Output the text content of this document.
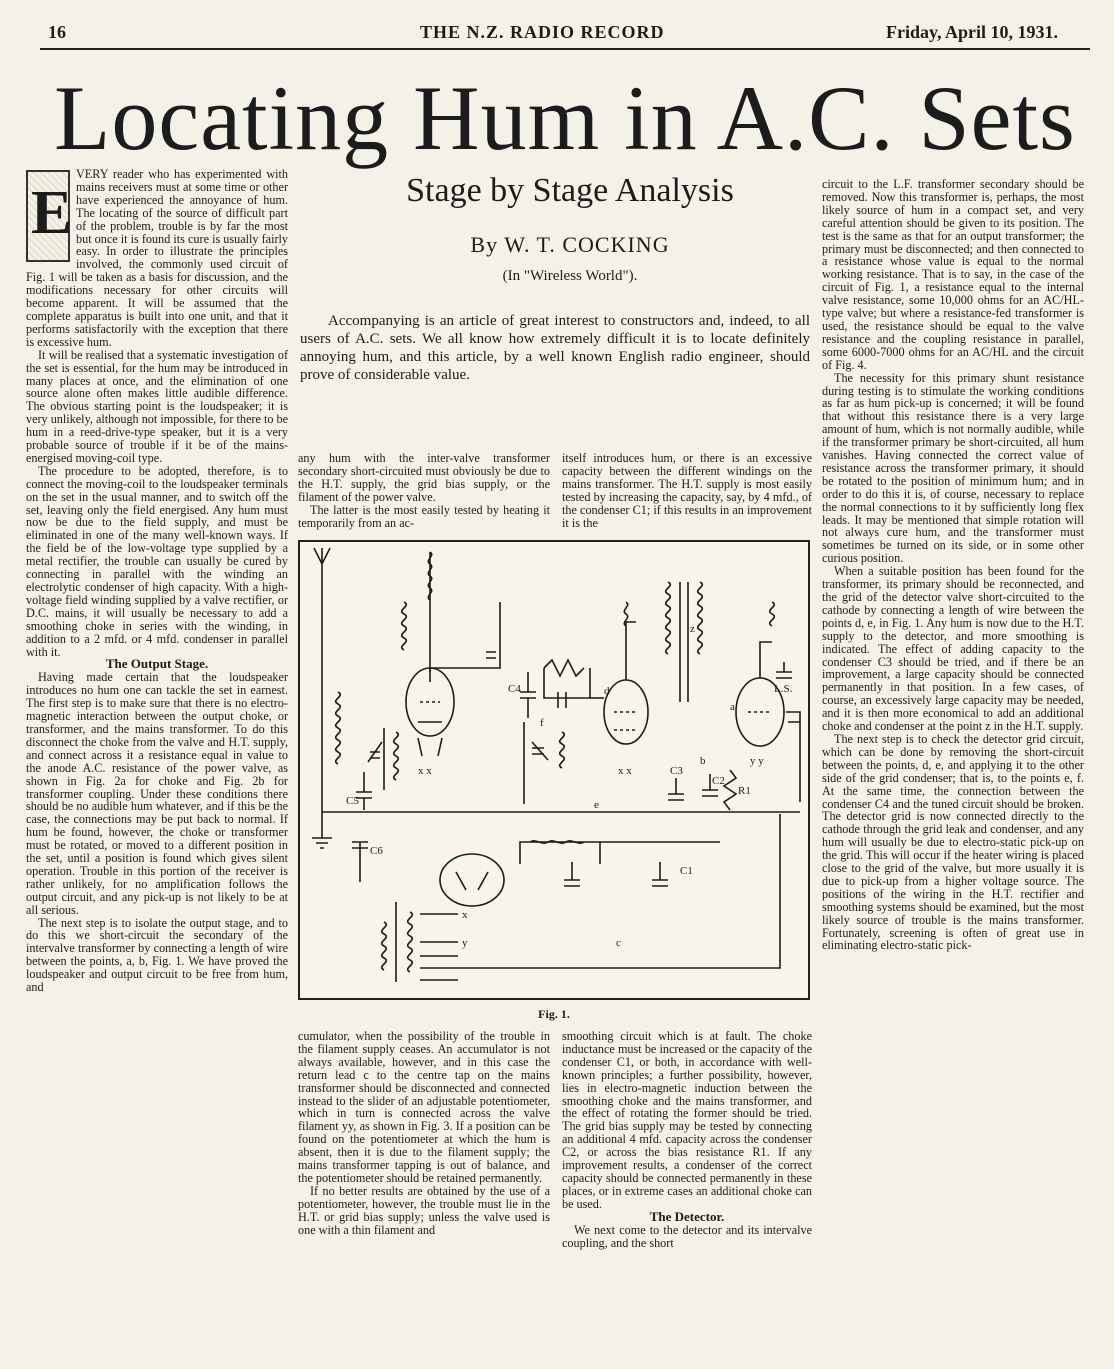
16	THE N.Z. RADIO RECORD	Friday, April 10, 1931.
Locating Hum in A.C. Sets
E

VERY reader who has experimented with mains receivers must at some time or other have experienced the annoyance of hum. The locating of the source of difficult part of the problem, trouble is by far the most but once it is found its cure is usually fairly easy. In order to illustrate the principles involved, the commonly used circuit of Fig. 1 will be taken as a basis for discussion, and the modifications necessary for other circuits will become apparent. It will be assumed that the complete apparatus is built into one unit, and that it performs satisfactorily with the exception that there is excessive hum.

It will be realised that a systematic investigation of the set is essential, for the hum may be introduced in many places at once, and the elimination of one source alone often makes little audible difference. The obvious starting point is the loudspeaker; it is very unlikely, although not impossible, for there to be hum in a reed-drive-type speaker, but it is a very probable source of trouble if it be of the mains-energised moving-coil type.

The procedure to be adopted, therefore, is to connect the moving-coil to the loudspeaker terminals on the set in the usual manner, and to switch off the set, leaving only the field energised. Any hum must now be due to the field supply, and must be eliminated in one of the many well-known ways. If the field be of the low-voltage type supplied by a metal rectifier, the trouble can usually be cured by connecting in parallel with the winding an electrolytic condenser of high capacity. With a high-voltage field winding supplied by a valve rectifier, or D.C. mains, it will usually be necessary to add a smoothing choke in series with the winding, in addition to a 2 mfd. or 4 mfd. condenser in parallel with it.

The Output Stage.

Having made certain that the loudspeaker introduces no hum one can tackle the set in earnest. The first step is to make sure that there is no electro-magnetic interaction between the output choke, or transformer, and the mains transformer. To do this disconnect the choke from the valve and H.T. supply, and connect across it a resistance equal in value to the anode A.C. resistance of the power valve, as shown in Fig. 2a for choke and Fig. 2b for transformer coupling. Under these conditions there should be no audible hum whatever, and if this be the case, the connections may be put back to normal. If hum be found, however, the choke or transformer must be rotated, or moved to a different position in the set, until a position is found which gives silent operation. Trouble in this portion of the receiver is rather unlikely, for no amplification follows the output circuit, and any pick-up is not likely to be at all serious.

The next step is to isolate the output stage, and to do this we short-circuit the secondary of the intervalve transformer by connecting a length of wire between the points, a, b, Fig. 1. We have proved the loudspeaker and output circuit to be free from hum, and

Stage by Stage Analysis
By W. T. COCKING
(In "Wireless World").

Accompanying is an article of great interest to constructors and, indeed, to all users of A.C. sets. We all know how extremely difficult it is to locate definitely annoying hum, and this article, by a well known English radio engineer, should prove of considerable value.

any hum with the inter-valve transformer secondary short-circuited must obviously be due to the H.T. supply, the grid bias supply, or the filament of the power valve.

The latter is the most easily tested by heating it temporarily from an ac-

itself introduces hum, or there is an excessive capacity between the different windings on the mains transformer. The H.T. supply is most easily tested by increasing the capacity, say, by 4 mfd., of the condenser C1; if this results in an improvement it is the

C4
C5
C6
C3
C2
R1
C1
L.S.
a
b
c
d
e
f
x
y
z
x x	x x
y y
Fig. 1.

cumulator, when the possibility of the trouble in the filament supply ceases. An accumulator is not always available, however, and in this case the return lead c to the centre tap on the mains transformer should be disconnected and connected instead to the slider of an adjustable potentiometer, which in turn is connected across the valve filament yy, as shown in Fig. 3. If a position can be found on the potentiometer at which the hum is absent, then it is due to the filament supply; the mains transformer tapping is out of balance, and the potentiometer should be retained permanently.

If no better results are obtained by the use of a potentiometer, however, the trouble must lie in the H.T. or grid bias supply; unless the valve used is one with a thin filament and

smoothing circuit which is at fault. The choke inductance must be increased or the capacity of the condenser C1, or both, in accordance with well-known principles; a further possibility, however, lies in electro-magnetic induction between the smoothing choke and the mains transformer, and the effect of rotating the former should be tried. The grid bias supply may be tested by connecting an additional 4 mfd. capacity across the condenser C2, or across the bias resistance R1. If any improvement results, a condenser of the correct capacity should be connected permanently in these places, or in extreme cases an additional choke can be used.

The Detector.

We next come to the detector and its intervalve coupling, and the short

circuit to the L.F. transformer secondary should be removed. Now this transformer is, perhaps, the most likely source of hum in a compact set, and very careful attention should be given to its position. The test is the same as that for an output transformer; the primary must be disconnected; and then connected to a resistance whose value is equal to the normal working resistance. That is to say, in the case of the circuit of Fig. 1, a resistance equal to the internal valve resistance, some 10,000 ohms for an AC/HL-type valve; but where a resistance-fed transformer is used, the resistance should be equal to the valve resistance and the coupling resistance in parallel, some 6000-7000 ohms for an AC/HL and the circuit of Fig. 4.

The necessity for this primary shunt resistance during testing is to stimulate the working conditions as far as hum pick-up is concerned; it will be found that without this resistance there is a very large amount of hum, which is not normally audible, while if the transformer primary be short-circuited, all hum vanishes. Having connected the correct value of resistance across the transformer primary, it should be rotated to the position of minimum hum; and in order to do this it is, of course, necessary to replace the normal connections to it by sufficiently long flex leads. It may be mentioned that simple rotation will not always cure hum, and the transformer must sometimes be turned on its side, or in some other curious position.

When a suitable position has been found for the transformer, its primary should be reconnected, and the grid of the detector valve short-circuited to the cathode by connecting a length of wire between the points d, e, in Fig. 1. Any hum is now due to the H.T. supply to the detector, and more smoothing is indicated. The effect of adding capacity to the condenser C3 should be tried, and if there be an improvement, a large capacity should be connected permanently in that position. In a few cases, of course, an excessively large capacity may be needed, and it is then more economical to add an additional choke and condenser at the point z in the H.T. supply.

The next step is to check the detector grid circuit, which can be done by removing the short-circuit between the points, d, e, and applying it to the other side of the grid condenser; that is, to the points e, f. At the same time, the connection between the condenser C4 and the tuned circuit should be broken. The detector grid is now connected directly to the cathode through the grid leak and condenser, and any hum will usually be due to electro-static pick-up on the grid. This will occur if the heater wiring is placed close to the grid of the valve, but more usually it is due to pick-up from a higher voltage source. The positions of the wiring in the H.T. rectifier and smoothing systems should be examined, but the most likely source of trouble is the mains transformer. Fortunately, screening is often of great use in eliminating electro-static pick-
